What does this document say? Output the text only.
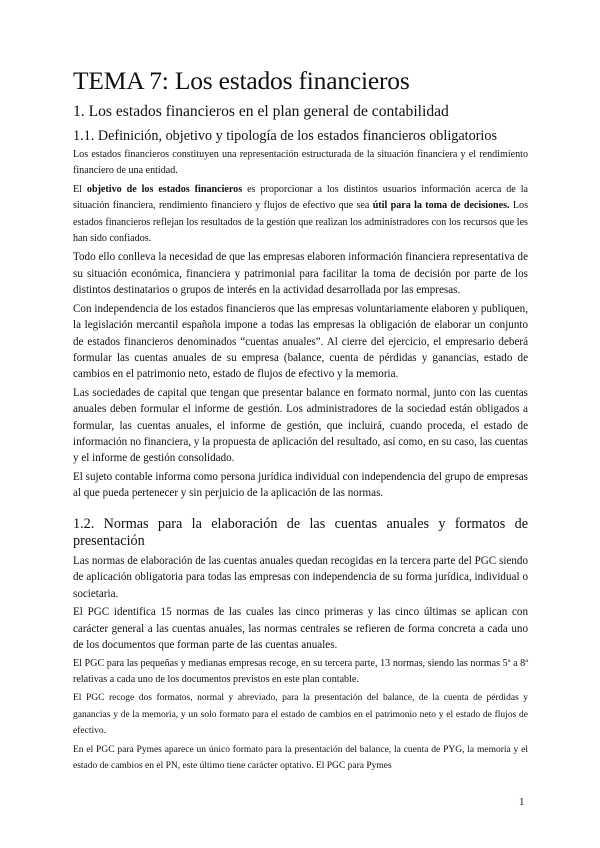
TEMA 7: Los estados financieros
1. Los estados financieros en el plan general de contabilidad
1.1. Definición, objetivo y tipología de los estados financieros obligatorios

Los estados financieros constituyen una representación estructurada de la situación financiera y el rendimiento financiero de una entidad.

El objetivo de los estados financieros es proporcionar a los distintos usuarios información acerca de la situación financiera, rendimiento financiero y flujos de efectivo que sea útil para la toma de decisiones. Los estados financieros reflejan los resultados de la gestión que realizan los administradores con los recursos que les han sido confiados.

Todo ello conlleva la necesidad de que las empresas elaboren información financiera representativa de su situación económica, financiera y patrimonial para facilitar la toma de decisión por parte de los distintos destinatarios o grupos de interés en la actividad desarrollada por las empresas.

Con independencia de los estados financieros que las empresas voluntariamente elaboren y publiquen, la legislación mercantil española impone a todas las empresas la obligación de elaborar un conjunto de estados financieros denominados “cuentas anuales”. Al cierre del ejercicio, el empresario deberá formular las cuentas anuales de su empresa (balance, cuenta de pérdidas y ganancias, estado de cambios en el patrimonio neto, estado de flujos de efectivo y la memoria.

Las sociedades de capital que tengan que presentar balance en formato normal, junto con las cuentas anuales deben formular el informe de gestión. Los administradores de la sociedad están obligados a formular, las cuentas anuales, el informe de gestión, que incluirá, cuando proceda, el estado de información no financiera, y la propuesta de aplicación del resultado, así como, en su caso, las cuentas y el informe de gestión consolidado.

El sujeto contable informa como persona jurídica individual con independencia del grupo de empresas al que pueda pertenecer y sin perjuicio de la aplicación de las normas.

1.2. Normas para la elaboración de las cuentas anuales y formatos de presentación

Las normas de elaboración de las cuentas anuales quedan recogidas en la tercera parte del PGC siendo de aplicación obligatoria para todas las empresas con independencia de su forma jurídica, individual o societaria.

El PGC identifica 15 normas de las cuales las cinco primeras y las cinco últimas se aplican con carácter general a las cuentas anuales, las normas centrales se refieren de forma concreta a cada uno de los documentos que forman parte de las cuentas anuales.

El PGC para las pequeñas y medianas empresas recoge, en su tercera parte, 13 normas, siendo las normas 5ª a 8ª relativas a cada uno de los documentos previstos en este plan contable.

El PGC recoge dos formatos, normal y abreviado, para la presentación del balance, de la cuenta de pérdidas y ganancias y de la memoria, y un solo formato para el estado de cambios en el patrimonio neto y el estado de flujos de efectivo.

En el PGC para Pymes aparece un único formato para la presentación del balance, la cuenta de PYG, la memoria y el estado de cambios en el PN, este último tiene carácter optativo. El PGC para Pymes

1
